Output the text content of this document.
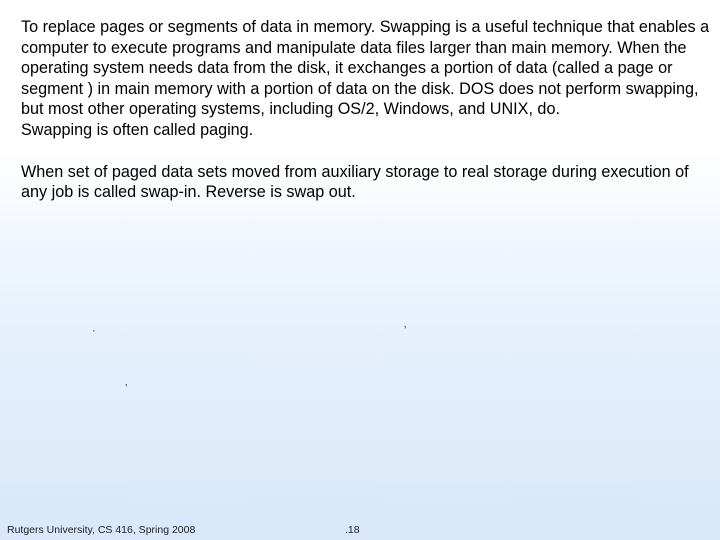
To replace pages or segments of data in memory. Swapping is a useful technique that enables a computer to execute programs and manipulate data files larger than main memory. When the operating system needs data from the disk, it exchanges a portion of data (called a page or segment ) in main memory with a portion of data on the disk. DOS does not perform swapping, but most other operating systems, including OS/2, Windows, and UNIX, do.

Swapping is often called paging.

When set of paged data sets moved from auxiliary storage to real storage during execution of any job is called swap-in. Reverse is swap out.

·	ʼ
ʼ
Rutgers University, CS 416, Spring 2008	.18
